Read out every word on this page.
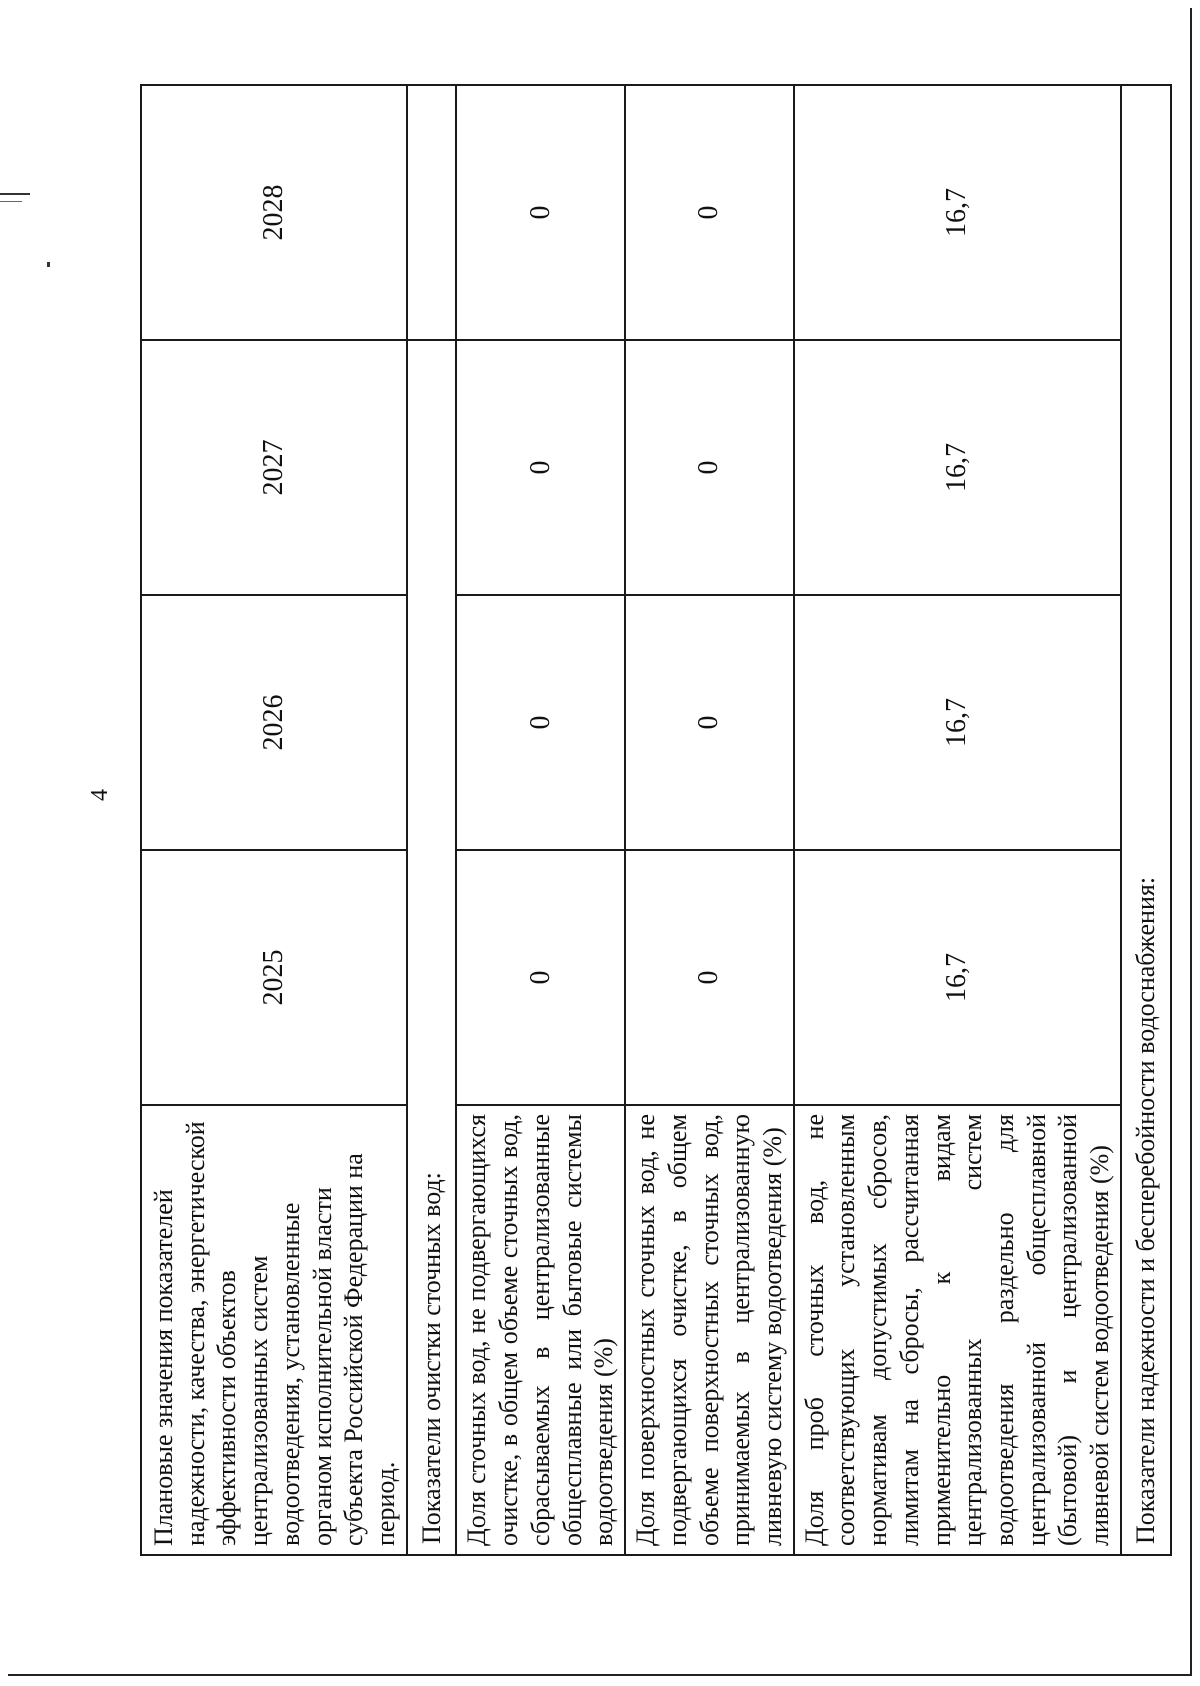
4
Плановые значения показателей надежности, качества, энергетической эффективности объектов централизованных систем водоотведения, установленные органом исполнительной власти субъекта Российской Федерации на период.	2025	2026	2027	2028
Показатели очистки сточных вод:				
Доля сточных вод, не подвергающихся очистке, в общем объеме сточных вод, сбрасываемых в централизованные общесплавные или бытовые системы водоотведения (%)	0	0	0	0
Доля поверхностных сточных вод, не подвергающихся очистке, в общем объеме поверхностных сточных вод, принимаемых в централизованную ливневую систему водоотведения (%)	0	0	0	0
Доля проб сточных вод, не соответствующих установленным нормативам допустимых сбросов, лимитам на сбросы, рассчитанная применительно к видам централизованных систем водоотведения раздельно для централизованной общесплавной (бытовой) и централизованной ливневой систем водоотведения (%)	16,7	16,7	16,7	16,7
Показатели надежности и бесперебойности водоснабжения:				
